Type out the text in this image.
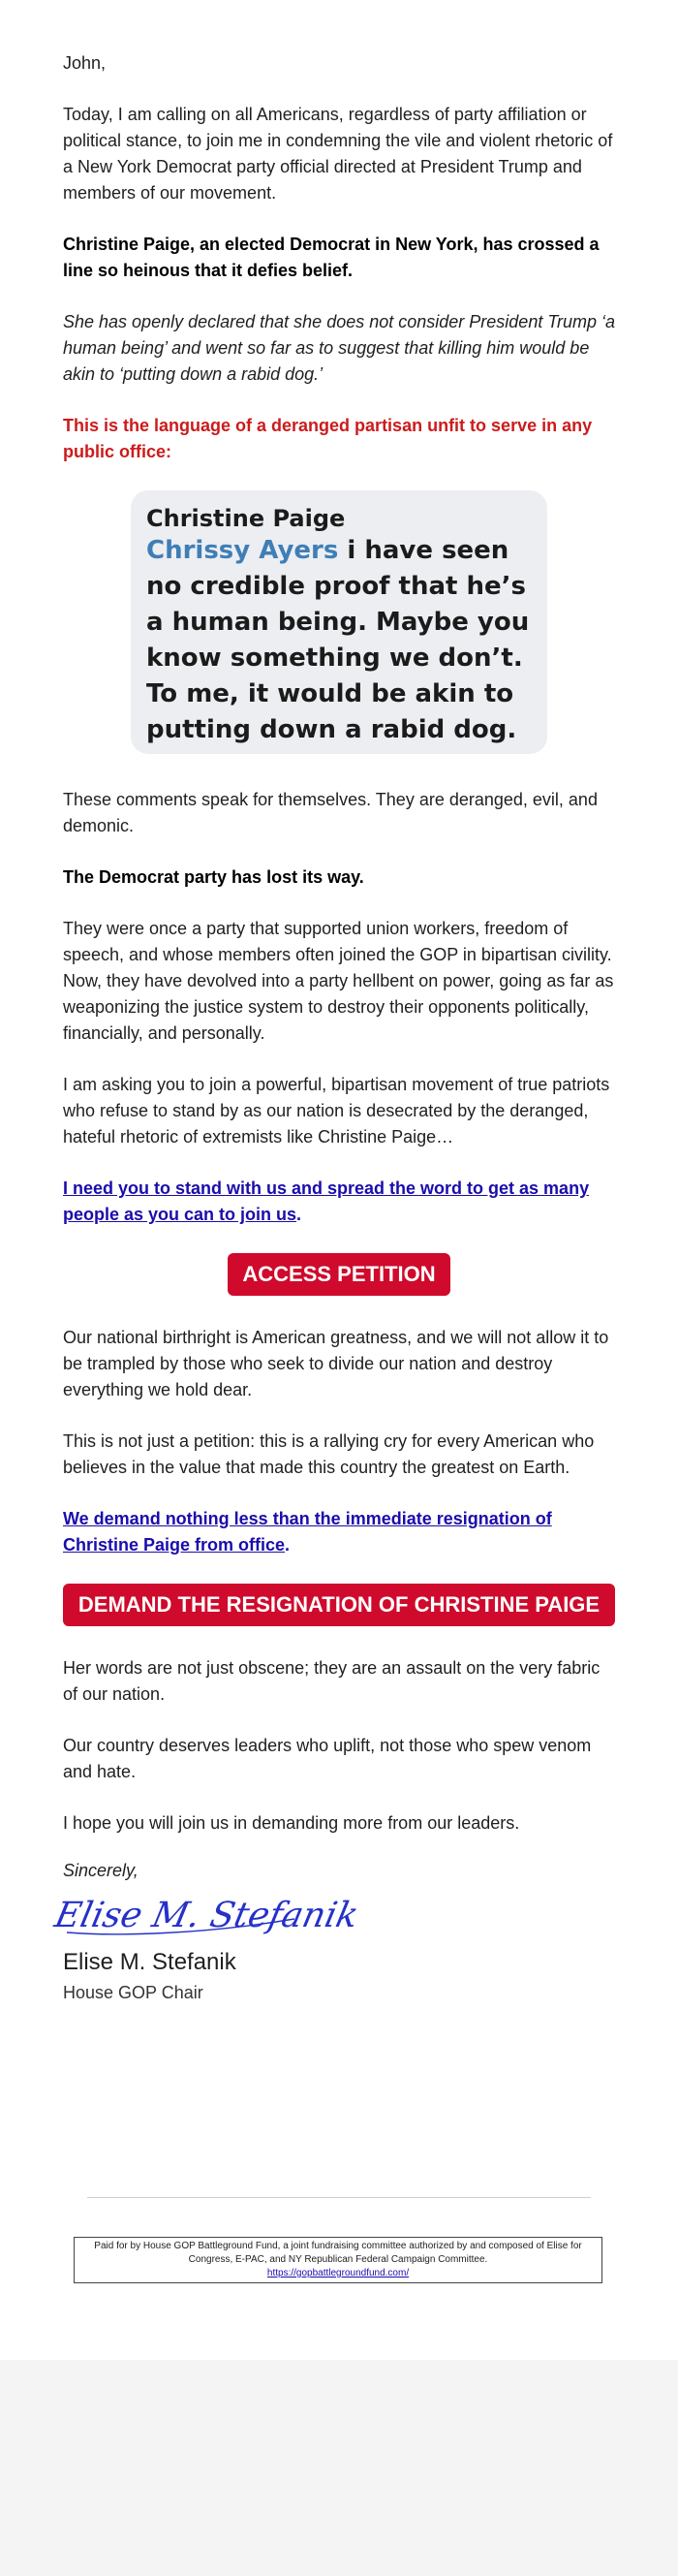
John,

Today, I am calling on all Americans, regardless of party affiliation or political stance, to join me in condemning the vile and violent rhetoric of a New York Democrat party official directed at President Trump and members of our movement.

Christine Paige, an elected Democrat in New York, has crossed a line so heinous that it defies belief.

She has openly declared that she does not consider President Trump ‘a human being’ and went so far as to suggest that killing him would be akin to ‘putting down a rabid dog.’

This is the language of a deranged partisan unfit to serve in any public office:

Christine Paige
Chrissy Ayers i have seen no credible proof that he’s a human being. Maybe you know something we don’t. To me, it would be akin to putting down a rabid dog.

These comments speak for themselves. They are deranged, evil, and demonic.

The Democrat party has lost its way.

They were once a party that supported union workers, freedom of speech, and whose members often joined the GOP in bipartisan civility. Now, they have devolved into a party hellbent on power, going as far as weaponizing the justice system to destroy their opponents politically, financially, and personally.

I am asking you to join a powerful, bipartisan movement of true patriots who refuse to stand by as our nation is desecrated by the deranged, hateful rhetoric of extremists like Christine Paige…

I need you to stand with us and spread the word to get as many people as you can to join us.

ACCESS PETITION

Our national birthright is American greatness, and we will not allow it to be trampled by those who seek to divide our nation and destroy everything we hold dear.

This is not just a petition: this is a rallying cry for every American who believes in the value that made this country the greatest on Earth.

We demand nothing less than the immediate resignation of Christine Paige from office.

DEMAND THE RESIGNATION OF CHRISTINE PAIGE

Her words are not just obscene; they are an assault on the very fabric of our nation.

Our country deserves leaders who uplift, not those who spew venom and hate.

I hope you will join us in demanding more from our leaders.

Sincerely,

Elise M. Stefanik
Elise M. Stefanik
House GOP Chair
Paid for by House GOP Battleground Fund, a joint fundraising committee authorized by and composed of Elise for Congress, E-PAC, and NY Republican Federal Campaign Committee.
https://gopbattlegroundfund.com/
